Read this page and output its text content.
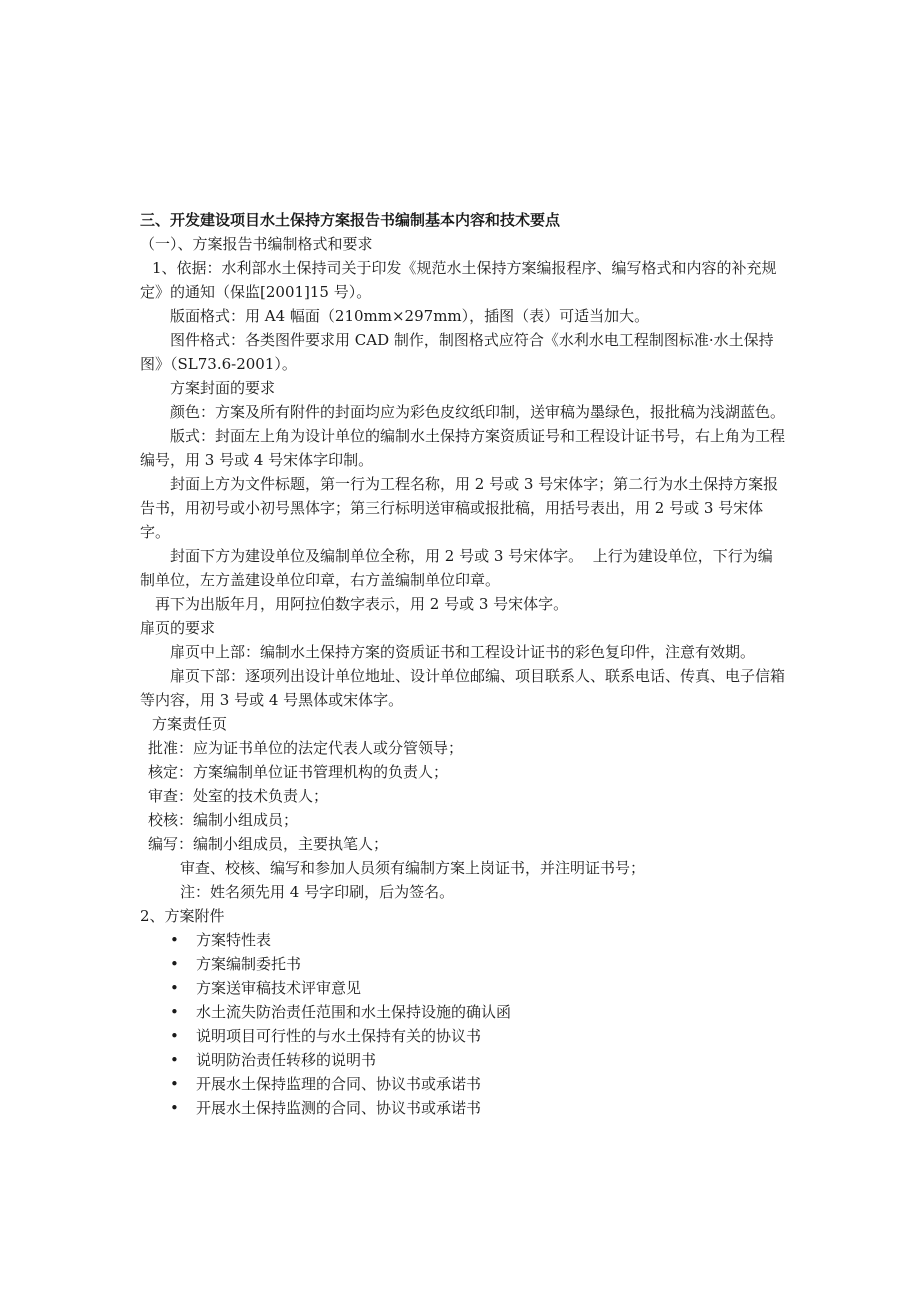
三、开发建设项目水土保持方案报告书编制基本内容和技术要点

（一）、方案报告书编制格式和要求

1、依据：水利部水土保持司关于印发《规范水土保持方案编报程序、编写格式和内容的补充规定》的通知（保监[2001]15 号）。

版面格式：用 A4 幅面（210mm×297mm），插图（表）可适当加大。

图件格式：各类图件要求用 CAD 制作，制图格式应符合《水利水电工程制图标准·水土保持图》（SL73.6-2001）。

方案封面的要求

颜色：方案及所有附件的封面均应为彩色皮纹纸印制，送审稿为墨绿色，报批稿为浅湖蓝色。

版式：封面左上角为设计单位的编制水土保持方案资质证号和工程设计证书号，右上角为工程编号，用 3 号或 4 号宋体字印制。

封面上方为文件标题，第一行为工程名称，用 2 号或 3 号宋体字；第二行为水土保持方案报告书，用初号或小初号黑体字；第三行标明送审稿或报批稿，用括号表出，用 2 号或 3 号宋体字。

封面下方为建设单位及编制单位全称，用 2 号或 3 号宋体字。  上行为建设单位，下行为编制单位，左方盖建设单位印章，右方盖编制单位印章。

再下为出版年月，用阿拉伯数字表示，用 2 号或 3 号宋体字。

扉页的要求

扉页中上部：编制水土保持方案的资质证书和工程设计证书的彩色复印件，注意有效期。

扉页下部：逐项列出设计单位地址、设计单位邮编、项目联系人、联系电话、传真、电子信箱等内容，用 3 号或 4 号黑体或宋体字。

方案责任页

批准：应为证书单位的法定代表人或分管领导；

核定：方案编制单位证书管理机构的负责人；

审查：处室的技术负责人；

校核：编制小组成员；

编写：编制小组成员，主要执笔人；

审查、校核、编写和参加人员须有编制方案上岗证书，并注明证书号；

注：姓名须先用 4 号字印刷，后为签名。

2、方案附件

• 方案特性表
• 方案编制委托书
• 方案送审稿技术评审意见
• 水土流失防治责任范围和水土保持设施的确认函
• 说明项目可行性的与水土保持有关的协议书
• 说明防治责任转移的说明书
• 开展水土保持监理的合同、协议书或承诺书
• 开展水土保持监测的合同、协议书或承诺书
